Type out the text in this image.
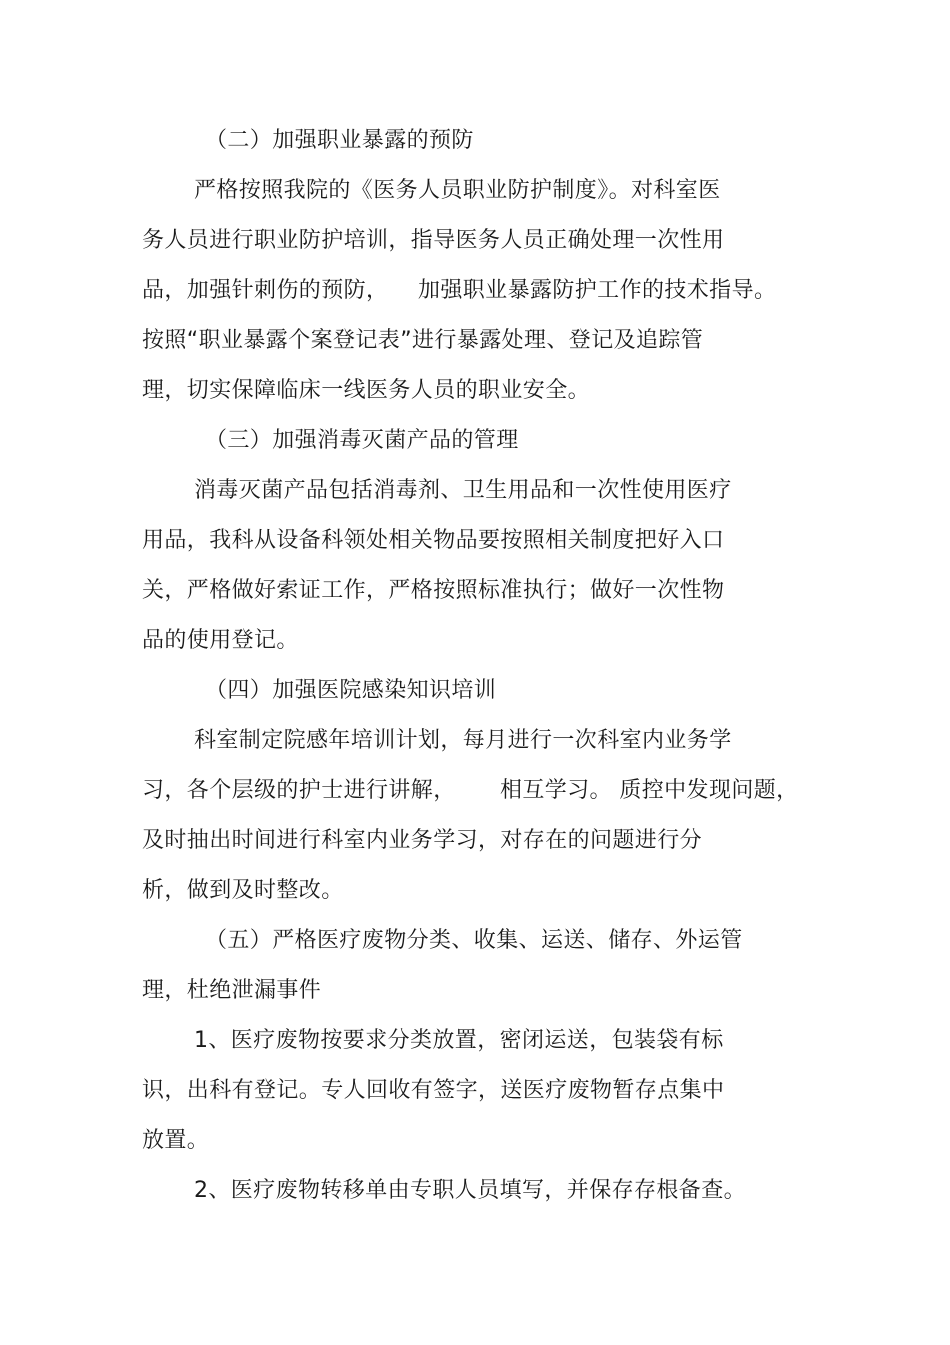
（二）加强职业暴露的预防
严格按照我院的《医务人员职业防护制度》。对科室医
务人员进行职业防护培训，指导医务人员正确处理一次性用
品，加强针刺伤的预防，    加强职业暴露防护工作的技术指导。
按照“职业暴露个案登记表”进行暴露处理、登记及追踪管
理，切实保障临床一线医务人员的职业安全。
（三）加强消毒灭菌产品的管理
消毒灭菌产品包括消毒剂、卫生用品和一次性使用医疗
用品，我科从设备科领处相关物品要按照相关制度把好入口
关，严格做好索证工作，严格按照标准执行；做好一次性物
品的使用登记。
（四）加强医院感染知识培训
科室制定院感年培训计划，每月进行一次科室内业务学
习，各个层级的护士进行讲解，      相互学习。 质控中发现问题，
及时抽出时间进行科室内业务学习，对存在的问题进行分
析，做到及时整改。
（五）严格医疗废物分类、收集、运送、储存、外运管
理，杜绝泄漏事件
1、医疗废物按要求分类放置，密闭运送，包装袋有标
识，出科有登记。专人回收有签字，送医疗废物暂存点集中
放置。
2、医疗废物转移单由专职人员填写，并保存存根备查。
